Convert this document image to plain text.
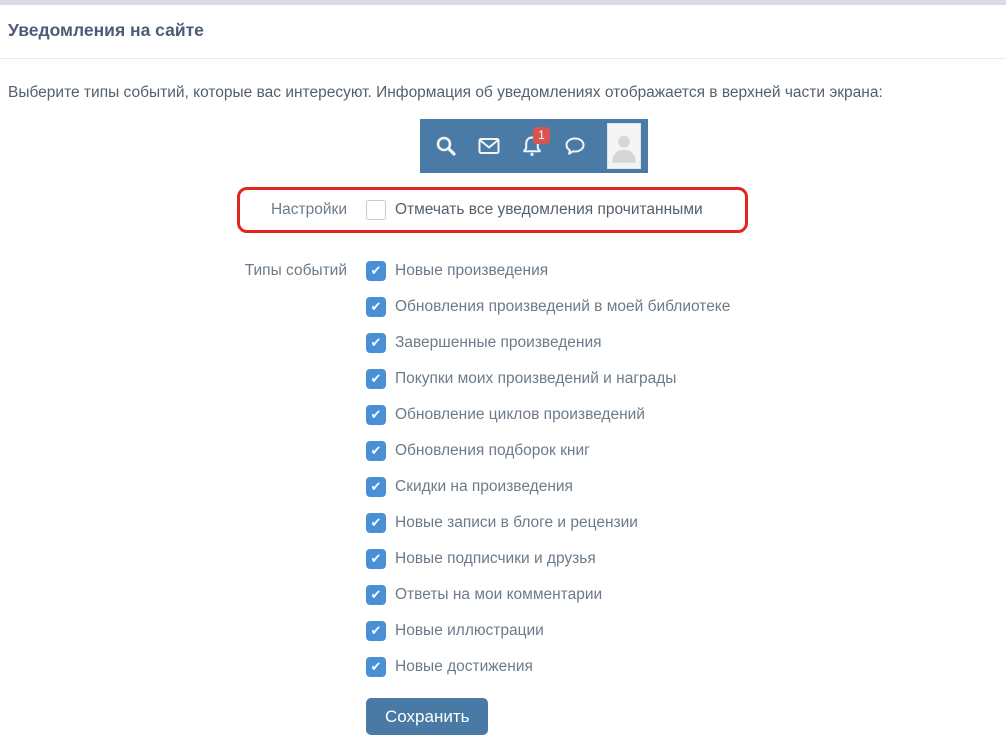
Уведомления на сайте

Выберите типы событий, которые вас интересуют. Информация об уведомлениях отображается в верхней части экрана:

1
Настройки	Отмечать все уведомления прочитанными
Типы событий	✔ Новые произведения
✔ Обновления произведений в моей библиотеке
✔ Завершенные произведения
✔ Покупки моих произведений и награды
✔ Обновление циклов произведений
✔ Обновления подборок книг
✔ Скидки на произведения
✔ Новые записи в блоге и рецензии
✔ Новые подписчики и друзья
✔ Ответы на мои комментарии
✔ Новые иллюстрации
✔ Новые достижения
Сохранить
